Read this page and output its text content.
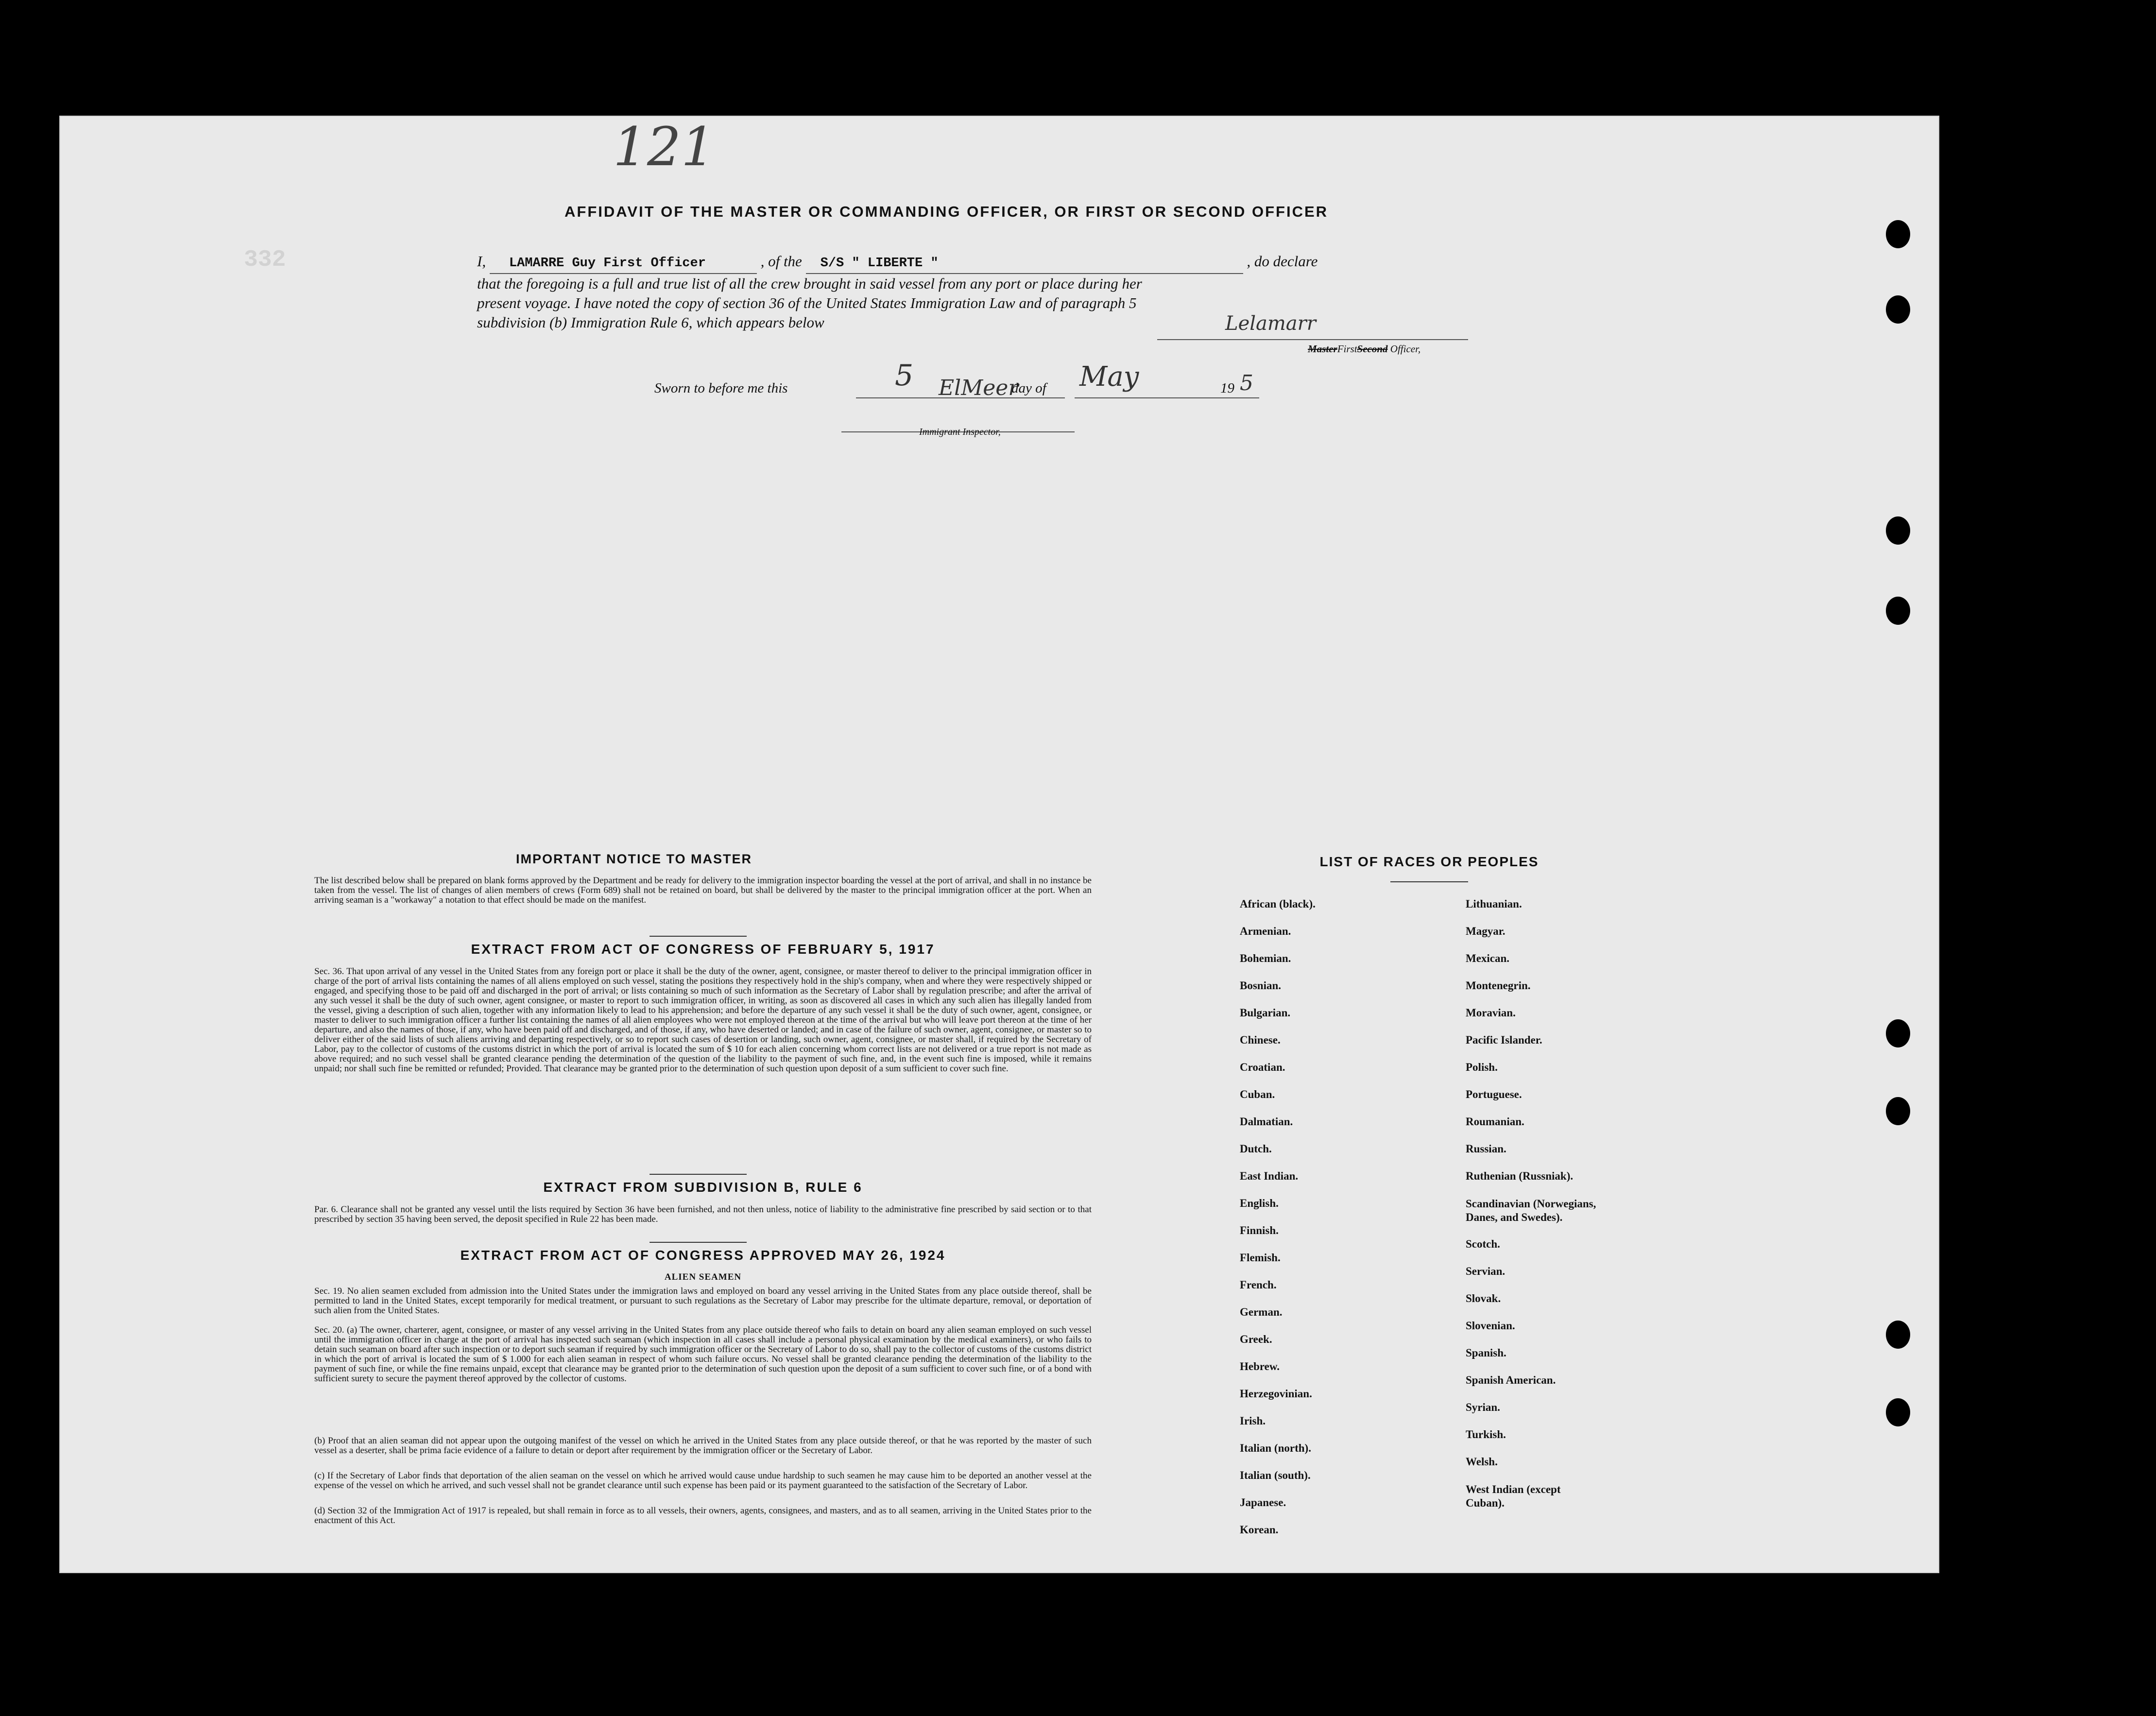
332
121
AFFIDAVIT OF THE MASTER OR COMMANDING OFFICER, OR FIRST OR SECOND OFFICER
I, LAMARRE Guy First Officer	, of the S/S " LIBERTE "	, do declare
that the foregoing is a full and true list of all the crew brought in said vessel from any port or place during her
present voyage. I have noted the copy of section 36 of the United States Immigration Law and of paragraph 5
subdivision (b) Immigration Rule 6, which appears below	Lelamarr
MasterFirstSecond Officer,
Sworn to before me this	5 ElMeer
day of May	19 5
Immigrant Inspector,
IMPORTANT NOTICE TO MASTER
The list described below shall be prepared on blank forms approved by the Department and be ready for delivery to the immigration inspector boarding the vessel at the port of arrival, and shall in no instance be taken from the vessel. The list of changes of alien members of crews (Form 689) shall not be retained on board, but shall be delivered by the master to the principal immigration officer at the port. When an arriving seaman is a "workaway" a notation to that effect should be made on the manifest.
EXTRACT FROM ACT OF CONGRESS OF FEBRUARY 5, 1917
Sec. 36. That upon arrival of any vessel in the United States from any foreign port or place it shall be the duty of the owner, agent, consignee, or master thereof to deliver to the principal immigration officer in charge of the port of arrival lists containing the names of all aliens employed on such vessel, stating the positions they respectively hold in the ship's company, when and where they were respectively shipped or engaged, and specifying those to be paid off and discharged in the port of arrival; or lists containing so much of such information as the Secretary of Labor shall by regulation prescribe; and after the arrival of any such vessel it shall be the duty of such owner, agent consignee, or master to report to such immigration officer, in writing, as soon as discovered all cases in which any such alien has illegally landed from the vessel, giving a description of such alien, together with any information likely to lead to his apprehension; and before the departure of any such vessel it shall be the duty of such owner, agent, consignee, or master to deliver to such immigration officer a further list containing the names of all alien employees who were not employed thereon at the time of the arrival but who will leave port thereon at the time of her departure, and also the names of those, if any, who have been paid off and discharged, and of those, if any, who have deserted or landed; and in case of the failure of such owner, agent, consignee, or master so to deliver either of the said lists of such aliens arriving and departing respectively, or so to report such cases of desertion or landing, such owner, agent, consignee, or master shall, if required by the Secretary of Labor, pay to the collector of customs of the customs district in which the port of arrival is located the sum of $ 10 for each alien concerning whom correct lists are not delivered or a true report is not made as above required; and no such vessel shall be granted clearance pending the determination of the question of the liability to the payment of such fine, and, in the event such fine is imposed, while it remains unpaid; nor shall such fine be remitted or refunded; Provided. That clearance may be granted prior to the determination of such question upon deposit of a sum sufficient to cover such fine.
EXTRACT FROM SUBDIVISION B, RULE 6
Par. 6. Clearance shall not be granted any vessel until the lists required by Section 36 have been furnished, and not then unless, notice of liability to the administrative fine prescribed by said section or to that prescribed by section 35 having been served, the deposit specified in Rule 22 has been made.
EXTRACT FROM ACT OF CONGRESS APPROVED MAY 26, 1924
ALIEN SEAMEN
Sec. 19. No alien seamen excluded from admission into the United States under the immigration laws and employed on board any vessel arriving in the United States from any place outside thereof, shall be permitted to land in the United States, except temporarily for medical treatment, or pursuant to such regulations as the Secretary of Labor may prescribe for the ultimate departure, removal, or deportation of such alien from the United States.
Sec. 20. (a) The owner, charterer, agent, consignee, or master of any vessel arriving in the United States from any place outside thereof who fails to detain on board any alien seaman employed on such vessel until the immigration officer in charge at the port of arrival has inspected such seaman (which inspection in all cases shall include a personal physical examination by the medical examiners), or who fails to detain such seaman on board after such inspection or to deport such seaman if required by such immigration officer or the Secretary of Labor to do so, shall pay to the collector of customs of the customs district in which the port of arrival is located the sum of $ 1.000 for each alien seaman in respect of whom such failure occurs. No vessel shall be granted clearance pending the determination of the liability to the payment of such fine, or while the fine remains unpaid, except that clearance may be granted prior to the determination of such question upon the deposit of a sum sufficient to cover such fine, or of a bond with sufficient surety to secure the payment thereof approved by the collector of customs.
(b) Proof that an alien seaman did not appear upon the outgoing manifest of the vessel on which he arrived in the United States from any place outside thereof, or that he was reported by the master of such vessel as a deserter, shall be prima facie evidence of a failure to detain or deport after requirement by the immigration officer or the Secretary of Labor.
(c) If the Secretary of Labor finds that deportation of the alien seaman on the vessel on which he arrived would cause undue hardship to such seamen he may cause him to be deported an another vessel at the expense of the vessel on which he arrived, and such vessel shall not be grandet clearance until such expense has been paid or its payment guaranteed to the satisfaction of the Secretary of Labor.
(d) Section 32 of the Immigration Act of 1917 is repealed, but shall remain in force as to all vessels, their owners, agents, consignees, and masters, and as to all seamen, arriving in the United States prior to the enactment of this Act.
LIST OF RACES OR PEOPLES
African (black).
Armenian.
Bohemian.
Bosnian.
Bulgarian.
Chinese.
Croatian.
Cuban.
Dalmatian.
Dutch.
East Indian.
English.
Finnish.
Flemish.
French.
German.
Greek.
Hebrew.
Herzegovinian.
Irish.
Italian (north).
Italian (south).
Japanese.
Korean.
Lithuanian.
Magyar.
Mexican.
Montenegrin.
Moravian.
Pacific Islander.
Polish.
Portuguese.
Roumanian.
Russian.
Ruthenian (Russniak).
Scandinavian (Norwegians, Danes, and Swedes).
Scotch.
Servian.
Slovak.
Slovenian.
Spanish.
Spanish American.
Syrian.
Turkish.
Welsh.
West Indian (except Cuban).
